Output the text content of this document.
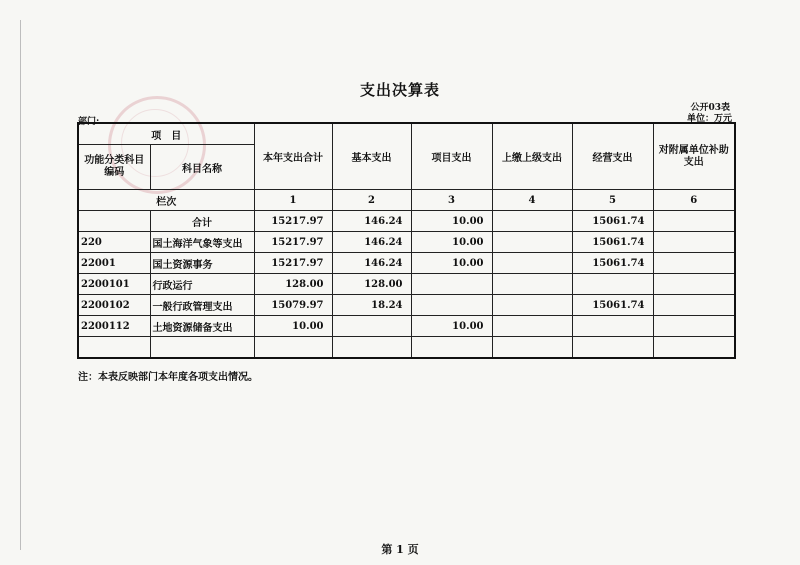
支出决算表
公开03表
单位：万元
部门:
项　目		本年支出合计	基本支出	项目支出	上缴上级支出	经营支出	对附属单位补助支出
功能分类科目编码	科目名称						
栏次		1	2	3	4	5	6
	合计	15217.97	146.24	10.00		15061.74	
220	国土海洋气象等支出	15217.97	146.24	10.00		15061.74	
22001	国土资源事务	15217.97	146.24	10.00		15061.74	
2200101	行政运行	128.00	128.00				
2200102	一般行政管理支出	15079.97	18.24			15061.74	
2200112	土地资源储备支出	10.00		10.00			

注：本表反映部门本年度各项支出情况。
第 1 页
